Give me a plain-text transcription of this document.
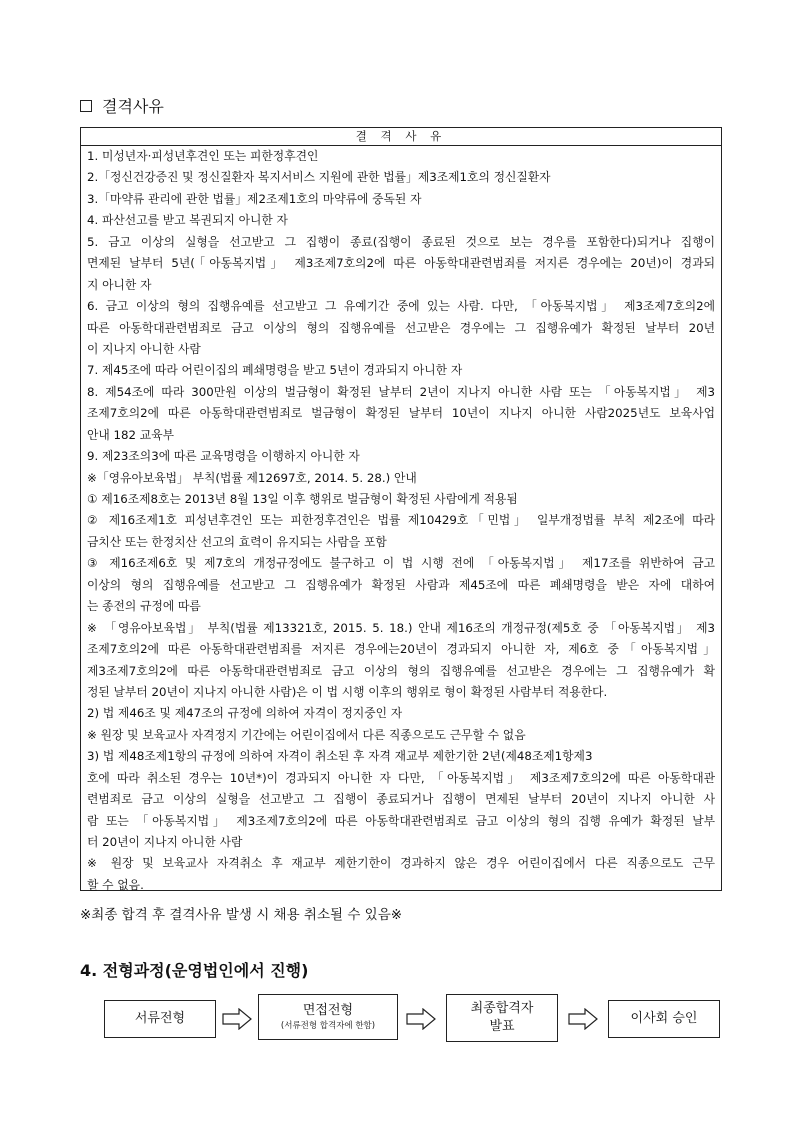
결격사유
결 격 사 유
1. 미성년자·피성년후견인 또는 피한정후견인
2.「정신건강증진 및 정신질환자 복지서비스 지원에 관한 법률」제3조제1호의 정신질환자
3.「마약류 관리에 관한 법률」제2조제1호의 마약류에 중독된 자
4. 파산선고를 받고 복권되지 아니한 자
5. 금고 이상의 실형을 선고받고 그 집행이 종료(집행이 종료된 것으로 보는 경우를 포함한다)되거나 집행이
면제된 날부터 5년(「아동복지법」 제3조제7호의2에 따른 아동학대관련범죄를 저지른 경우에는 20년)이 경과되
지 아니한 자
6. 금고 이상의 형의 집행유예를 선고받고 그 유예기간 중에 있는 사람. 다만, 「아동복지법」 제3조제7호의2에
따른 아동학대관련범죄로 금고 이상의 형의 집행유예를 선고받은 경우에는 그 집행유예가 확정된 날부터 20년
이 지나지 아니한 사람
7. 제45조에 따라 어린이집의 폐쇄명령을 받고 5년이 경과되지 아니한 자
8. 제54조에 따라 300만원 이상의 벌금형이 확정된 날부터 2년이 지나지 아니한 사람 또는 「아동복지법」 제3
조제7호의2에 따른 아동학대관련범죄로 벌금형이 확정된 날부터 10년이 지나지 아니한 사람2025년도 보육사업
안내 182 교육부
9. 제23조의3에 따른 교육명령을 이행하지 아니한 자
※「영유아보육법」 부칙(법률 제12697호, 2014. 5. 28.) 안내
① 제16조제8호는 2013년 8월 13일 이후 행위로 벌금형이 확정된 사람에게 적용됨
② 제16조제1호 피성년후견인 또는 피한정후견인은 법률 제10429호「민법」 일부개정법률 부칙 제2조에 따라
금치산 또는 한정치산 선고의 효력이 유지되는 사람을 포함
③ 제16조제6호 및 제7호의 개정규정에도 불구하고 이 법 시행 전에 「아동복지법」 제17조를 위반하여 금고
이상의 형의 집행유예를 선고받고 그 집행유예가 확정된 사람과 제45조에 따른 폐쇄명령을 받은 자에 대하여
는 종전의 규정에 따름
※ 「영유아보육법」 부칙(법률 제13321호, 2015. 5. 18.) 안내 제16조의 개정규정(제5호 중 「아동복지법」 제3
조제7호의2에 따른 아동학대관련범죄를 저지른 경우에는20년이 경과되지 아니한 자, 제6호 중「아동복지법」
제3조제7호의2에 따른 아동학대관련범죄로 금고 이상의 형의 집행유예를 선고받은 경우에는 그 집행유예가 확
정된 날부터 20년이 지나지 아니한 사람)은 이 법 시행 이후의 행위로 형이 확정된 사람부터 적용한다.
2) 법 제46조 및 제47조의 규정에 의하여 자격이 정지중인 자
※ 원장 및 보육교사 자격정지 기간에는 어린이집에서 다른 직종으로도 근무할 수 없음
3) 법 제48조제1항의 규정에 의하여 자격이 취소된 후 자격 재교부 제한기한 2년(제48조제1항제3
호에 따라 취소된 경우는 10년*)이 경과되지 아니한 자 다만, 「아동복지법」 제3조제7호의2에 따른 아동학대관
련범죄로 금고 이상의 실형을 선고받고 그 집행이 종료되거나 집행이 면제된 날부터 20년이 지나지 아니한 사
람 또는 「아동복지법」 제3조제7호의2에 따른 아동학대관련범죄로 금고 이상의 형의 집행 유예가 확정된 날부
터 20년이 지나지 아니한 사람
※ 원장 및 보육교사 자격취소 후 재교부 제한기한이 경과하지 않은 경우 어린이집에서 다른 직종으로도 근무
할 수 없음.
※최종 합격 후 결격사유 발생 시 채용 취소될 수 있음※
4. 전형과정(운영법인에서 진행)
서류전형
면접전형
(서류전형 합격자에 한함)
최종합격자
발표
이사회 승인
